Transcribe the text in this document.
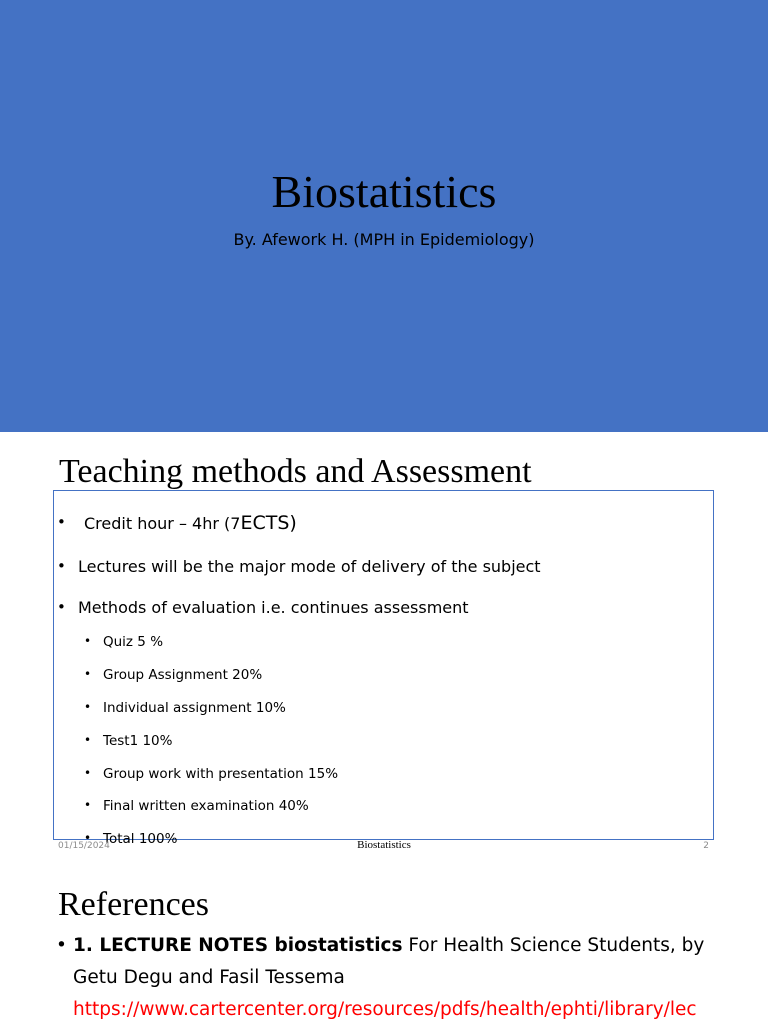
Biostatistics
By. Afework H. (MPH in Epidemiology)
Teaching methods and Assessment
• Credit hour – 4hr (7ECTS)
• Lectures will be the major mode of delivery of the subject
• Methods of evaluation i.e. continues assessment
• Quiz 5 %
• Group Assignment 20%
• Individual assignment 10%
• Test1 10%
• Group work with presentation 15%
• Final written examination 40%
• Total 100%
01/15/2024	Biostatistics	2
References
• 1. LECTURE NOTES biostatistics For Health Science Students, by Getu Degu and Fasil Tessema
https://www.cartercenter.org/resources/pdfs/health/ephti/library/lec
